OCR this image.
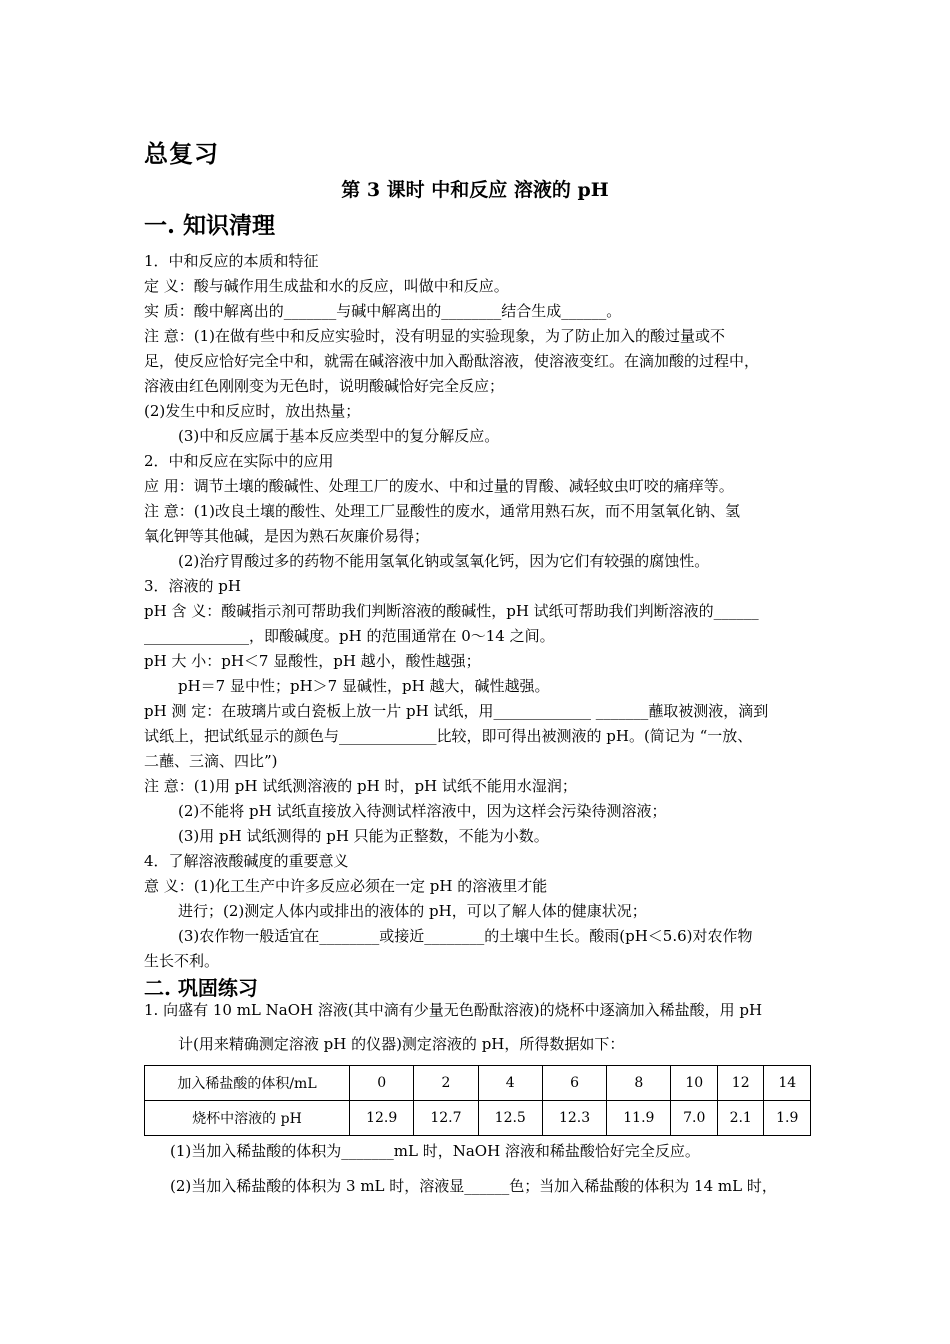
总复习
第 3 课时 中和反应 溶液的 pH
一. 知识清理
1．中和反应的本质和特征
定 义：酸与碱作用生成盐和水的反应，叫做中和反应。
实 质：酸中解离出的_______与碱中解离出的________结合生成______。
注 意：(1)在做有些中和反应实验时，没有明显的实验现象，为了防止加入的酸过量或不
足，使反应恰好完全中和，就需在碱溶液中加入酚酞溶液，使溶液变红。在滴加酸的过程中，
溶液由红色刚刚变为无色时，说明酸碱恰好完全反应；
(2)发生中和反应时，放出热量；
(3)中和反应属于基本反应类型中的复分解反应。
2．中和反应在实际中的应用
应 用：调节土壤的酸碱性、处理工厂的废水、中和过量的胃酸、减轻蚊虫叮咬的痛痒等。
注 意：(1)改良土壤的酸性、处理工厂显酸性的废水，通常用熟石灰，而不用氢氧化钠、氢
氧化钾等其他碱，是因为熟石灰廉价易得；
(2)治疗胃酸过多的药物不能用氢氧化钠或氢氧化钙，因为它们有较强的腐蚀性。
3．溶液的 pH
pH 含 义：酸碱指示剂可帮助我们判断溶液的酸碱性，pH 试纸可帮助我们判断溶液的______
______________，即酸碱度。pH 的范围通常在 0～14 之间。
pH 大 小：pH＜7 显酸性，pH 越小，酸性越强；
pH＝7 显中性；pH＞7 显碱性，pH 越大，碱性越强。
pH 测 定：在玻璃片或白瓷板上放一片 pH 试纸，用_____________ _______蘸取被测液，滴到
试纸上，把试纸显示的颜色与_____________比较，即可得出被测液的 pH。(简记为 “一放、
二蘸、三滴、四比”)
注 意：(1)用 pH 试纸测溶液的 pH 时，pH 试纸不能用水湿润；
(2)不能将 pH 试纸直接放入待测试样溶液中，因为这样会污染待测溶液；
(3)用 pH 试纸测得的 pH 只能为正整数，不能为小数。
4．了解溶液酸碱度的重要意义
意 义：(1)化工生产中许多反应必须在一定 pH 的溶液里才能
进行；(2)测定人体内或排出的液体的 pH，可以了解人体的健康状况；
(3)农作物一般适宜在________或接近________的土壤中生长。酸雨(pH＜5.6)对农作物
生长不利。
二. 巩固练习
1. 向盛有 10 mL NaOH 溶液(其中滴有少量无色酚酞溶液)的烧杯中逐滴加入稀盐酸，用 pH
计(用来精确测定溶液 pH 的仪器)测定溶液的 pH，所得数据如下：
加入稀盐酸的体积/mL	0	2	4	6	8	10	12	14
烧杯中溶液的 pH	12.9	12.7	12.5	12.3	11.9	7.0	2.1	1.9
(1)当加入稀盐酸的体积为_______mL 时，NaOH 溶液和稀盐酸恰好完全反应。
(2)当加入稀盐酸的体积为 3 mL 时，溶液显______色；当加入稀盐酸的体积为 14 mL 时，
